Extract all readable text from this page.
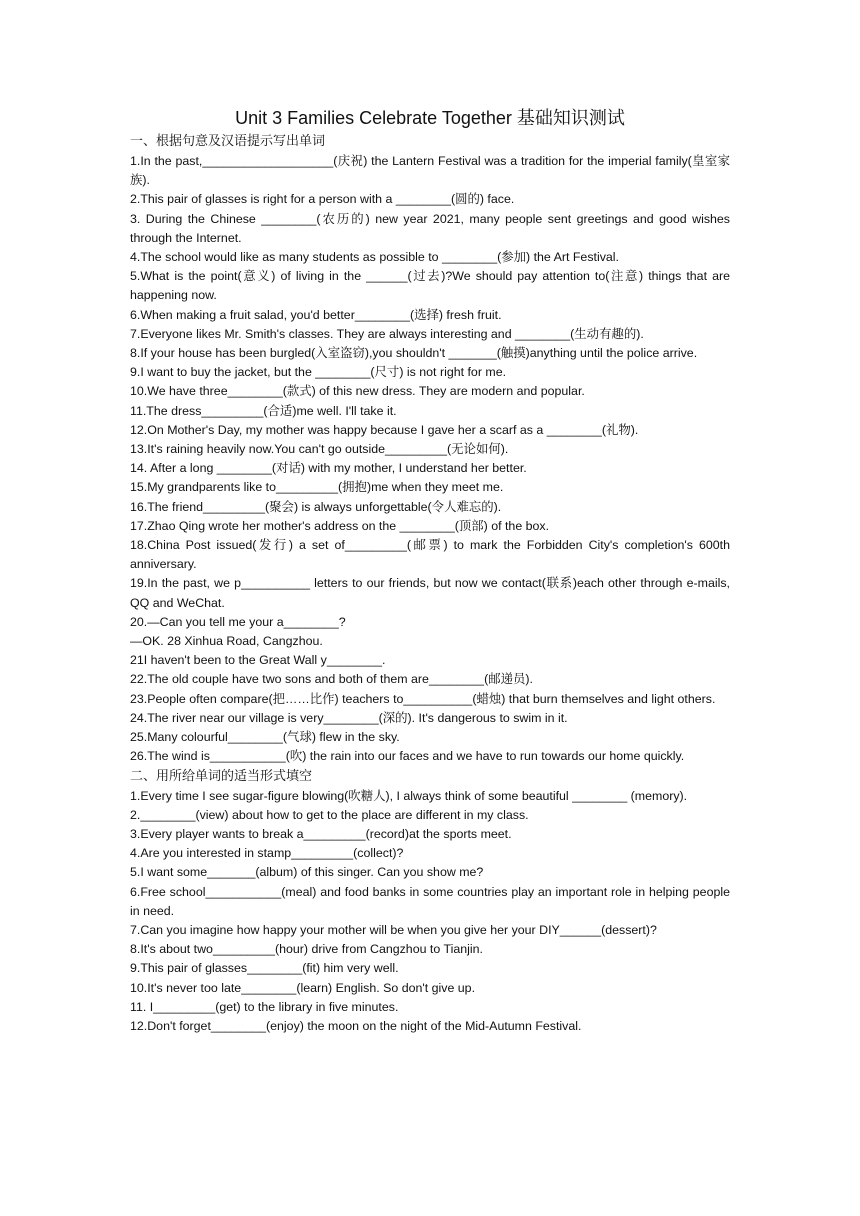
Unit 3 Families Celebrate Together 基础知识测试
一、根据句意及汉语提示写出单词

1.In the past,___________________(庆祝) the Lantern Festival was a tradition for the imperial family(皇室家族).

2.This pair of glasses is right for a person with a ________(圆的) face.

3. During the Chinese ________(农历的) new year 2021, many people sent greetings and good wishes through the Internet.

4.The school would like as many students as possible to ________(参加) the Art Festival.

5.What is the point(意义) of living in the ______(过去)?We should pay attention to(注意) things that are happening now.

6.When making a fruit salad, you'd better________(选择) fresh fruit.

7.Everyone likes Mr. Smith's classes. They are always interesting and ________(生动有趣的).

8.If your house has been burgled(入室盗窃),you shouldn't _______(触摸)anything until the police arrive.

9.I want to buy the jacket, but the ________(尺寸) is not right for me.

10.We have three________(款式) of this new dress. They are modern and popular.

11.The dress_________(合适)me well. I'll take it.

12.On Mother's Day, my mother was happy because I gave her a scarf as a ________(礼物).

13.It's raining heavily now.You can't go outside_________(无论如何).

14. After a long ________(对话) with my mother, I understand her better.

15.My grandparents like to_________(拥抱)me when they meet me.

16.The friend_________(聚会) is always unforgettable(令人难忘的).

17.Zhao Qing wrote her mother's address on the ________(顶部) of the box.

18.China Post issued(发行) a set of_________(邮票) to mark the Forbidden City's completion's 600th anniversary.

19.In the past, we p__________ letters to our friends, but now we contact(联系)each other through e-mails, QQ and WeChat.

20.—Can you tell me your a________?

—OK. 28 Xinhua Road, Cangzhou.

21I haven't been to the Great Wall y________.

22.The old couple have two sons and both of them are________(邮递员).

23.People often compare(把……比作) teachers to__________(蜡烛) that burn themselves and light others.

24.The river near our village is very________(深的). It's dangerous to swim in it.

25.Many colourful________(气球) flew in the sky.

26.The wind is___________(吹) the rain into our faces and we have to run towards our home quickly.

二、用所给单词的适当形式填空

1.Every time I see sugar-figure blowing(吹糖人), I always think of some beautiful ________ (memory).

2.________(view) about how to get to the place are different in my class.

3.Every player wants to break a_________(record)at the sports meet.

4.Are you interested in stamp_________(collect)?

5.I want some_______(album) of this singer. Can you show me?

6.Free school___________(meal) and food banks in some countries play an important role in helping people in need.

7.Can you imagine how happy your mother will be when you give her your DIY______(dessert)?

8.It's about two_________(hour) drive from Cangzhou to Tianjin.

9.This pair of glasses________(fit) him very well.

10.It's never too late________(learn) English. So don't give up.

11. I_________(get) to the library in five minutes.

12.Don't forget________(enjoy) the moon on the night of the Mid-Autumn Festival.
